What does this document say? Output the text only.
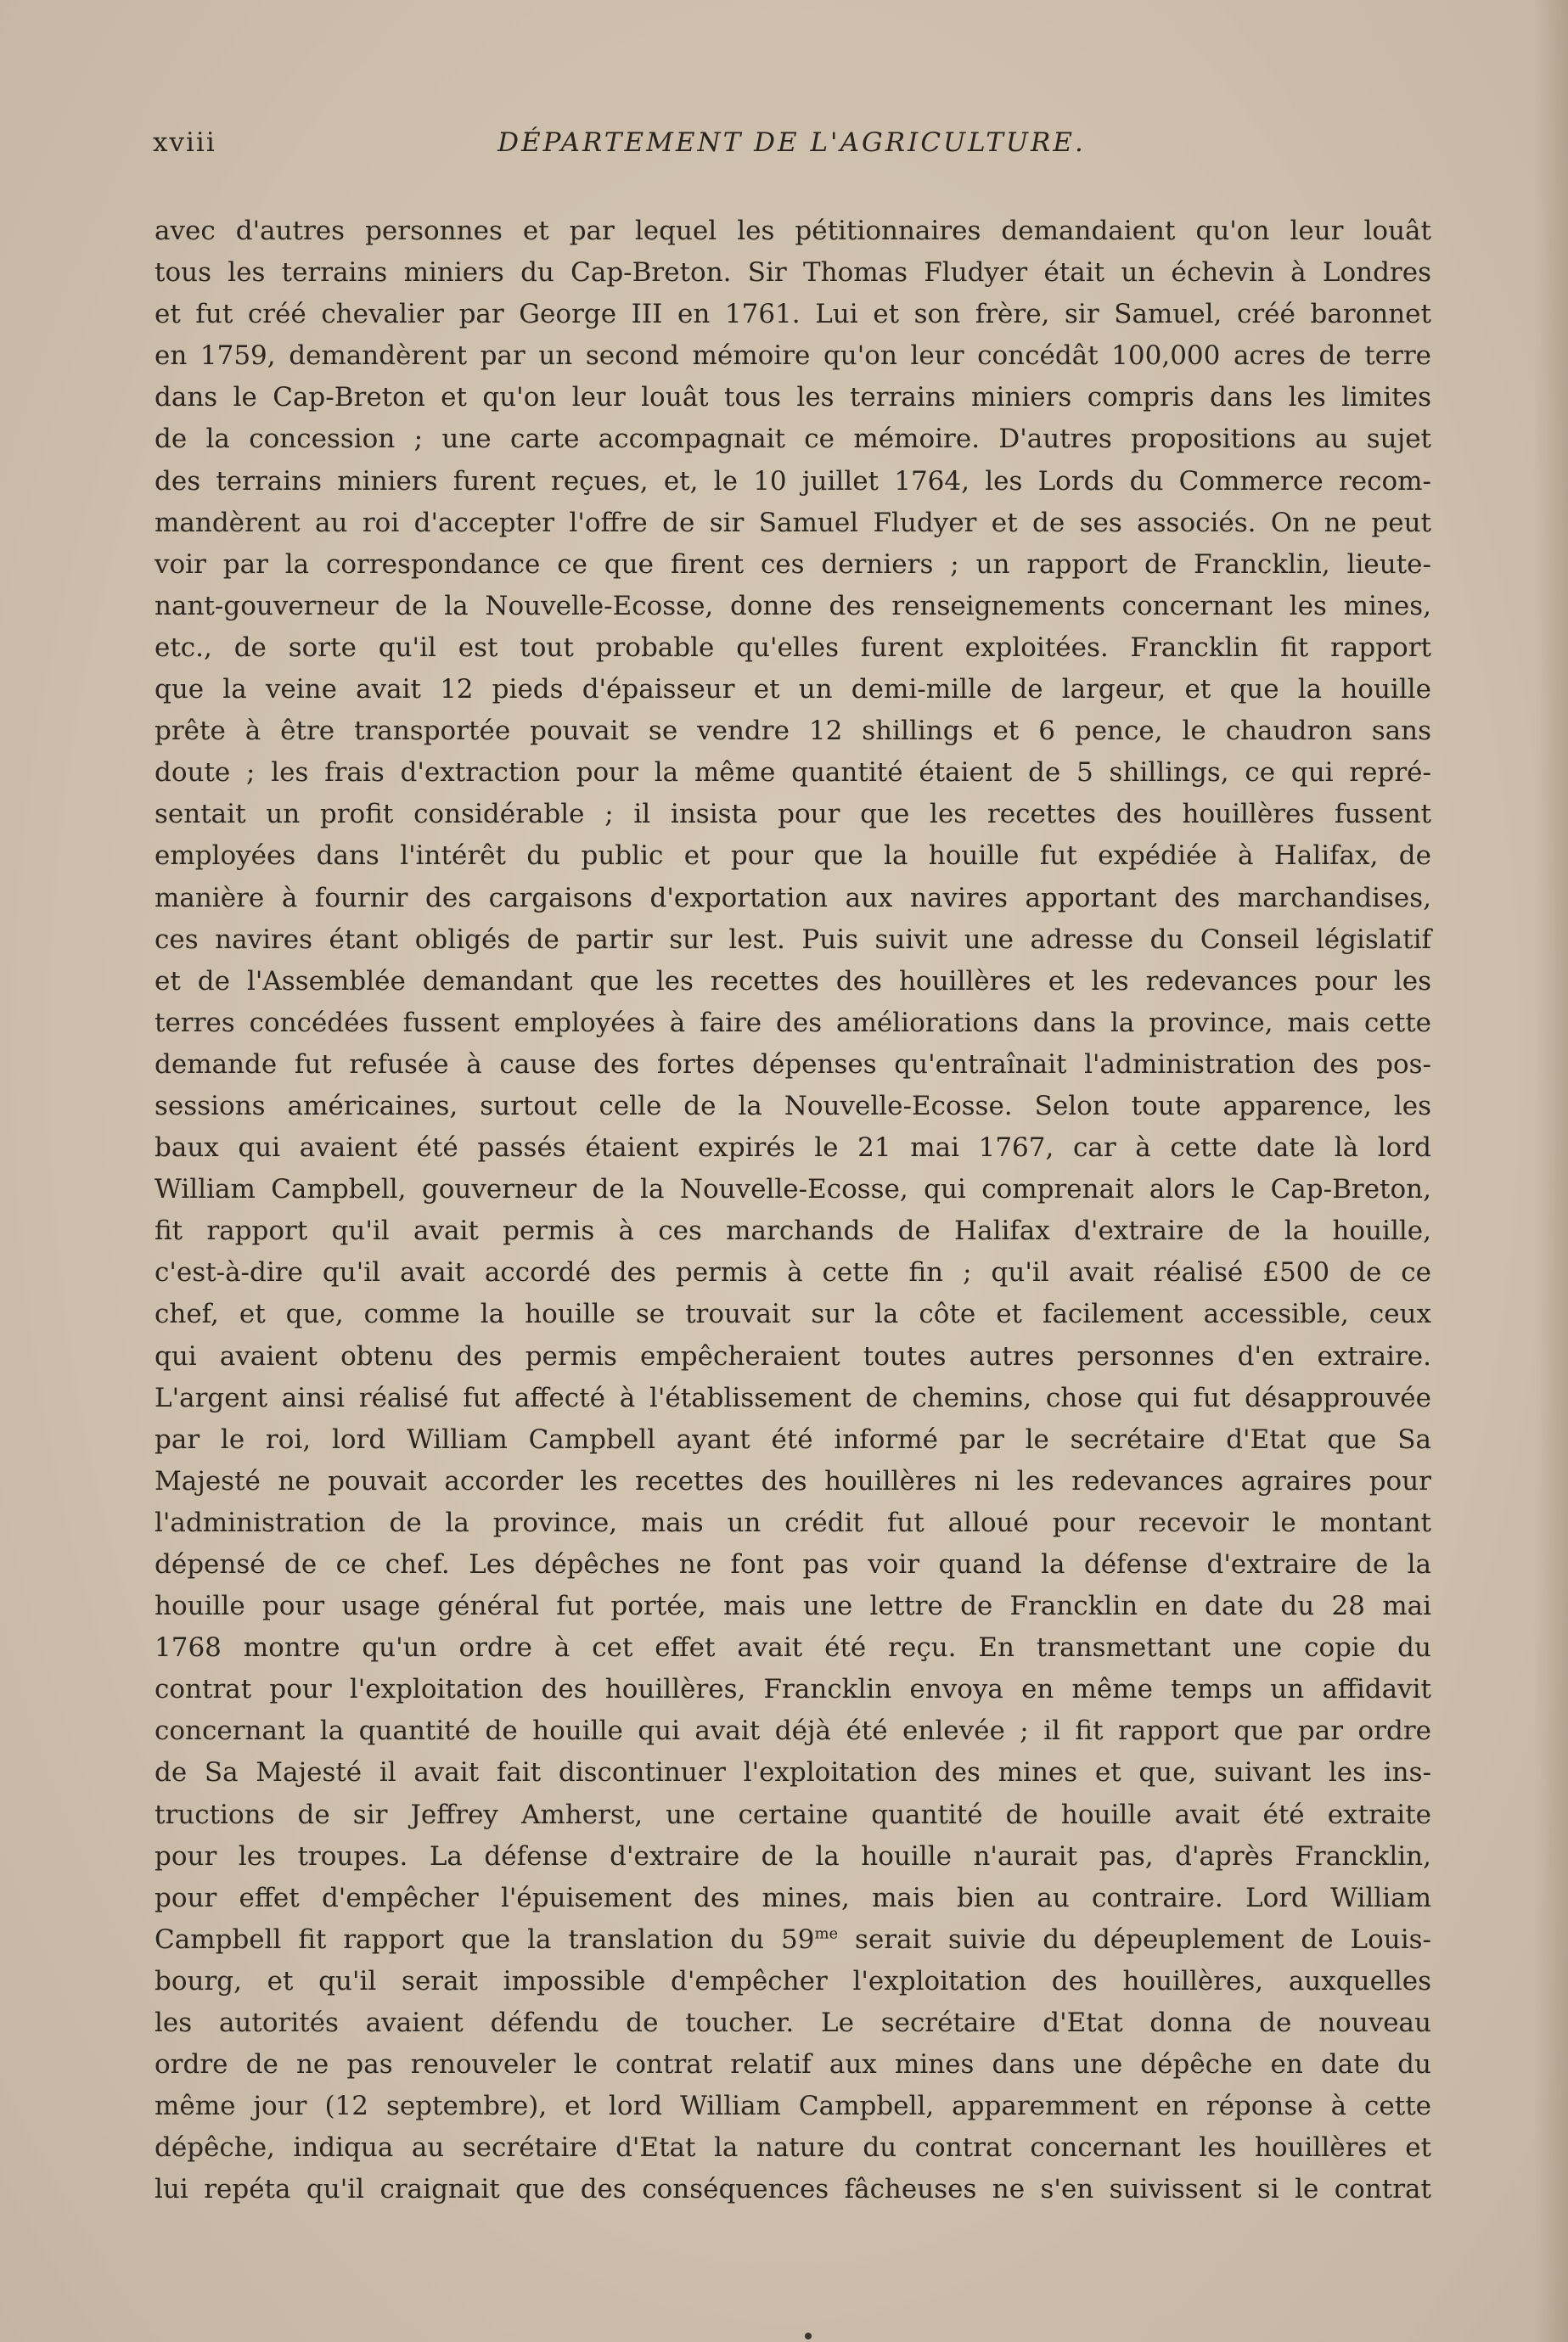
xviii	DÉPARTEMENT DE L'AGRICULTURE.
avec d'autres personnes et par lequel les pétitionnaires demandaient qu'on leur louât
tous les terrains miniers du Cap-Breton. Sir Thomas Fludyer était un échevin à Londres
et fut créé chevalier par George III en 1761. Lui et son frère, sir Samuel, créé baronnet
en 1759, demandèrent par un second mémoire qu'on leur concédât 100,000 acres de terre
dans le Cap-Breton et qu'on leur louât tous les terrains miniers compris dans les limites
de la concession ; une carte accompagnait ce mémoire. D'autres propositions au sujet
des terrains miniers furent reçues, et, le 10 juillet 1764, les Lords du Commerce recom-
mandèrent au roi d'accepter l'offre de sir Samuel Fludyer et de ses associés. On ne peut
voir par la correspondance ce que firent ces derniers ; un rapport de Francklin, lieute-
nant-gouverneur de la Nouvelle-Ecosse, donne des renseignements concernant les mines,
etc., de sorte qu'il est tout probable qu'elles furent exploitées. Francklin fit rapport
que la veine avait 12 pieds d'épaisseur et un demi-mille de largeur, et que la houille
prête à être transportée pouvait se vendre 12 shillings et 6 pence, le chaudron sans
doute ; les frais d'extraction pour la même quantité étaient de 5 shillings, ce qui repré-
sentait un profit considérable ; il insista pour que les recettes des houillères fussent
employées dans l'intérêt du public et pour que la houille fut expédiée à Halifax, de
manière à fournir des cargaisons d'exportation aux navires apportant des marchandises,
ces navires étant obligés de partir sur lest. Puis suivit une adresse du Conseil législatif
et de l'Assemblée demandant que les recettes des houillères et les redevances pour les
terres concédées fussent employées à faire des améliorations dans la province, mais cette
demande fut refusée à cause des fortes dépenses qu'entraînait l'administration des pos-
sessions américaines, surtout celle de la Nouvelle-Ecosse. Selon toute apparence, les
baux qui avaient été passés étaient expirés le 21 mai 1767, car à cette date là lord
William Campbell, gouverneur de la Nouvelle-Ecosse, qui comprenait alors le Cap-Breton,
fit rapport qu'il avait permis à ces marchands de Halifax d'extraire de la houille,
c'est-à-dire qu'il avait accordé des permis à cette fin ; qu'il avait réalisé £500 de ce
chef, et que, comme la houille se trouvait sur la côte et facilement accessible, ceux
qui avaient obtenu des permis empêcheraient toutes autres personnes d'en extraire.
L'argent ainsi réalisé fut affecté à l'établissement de chemins, chose qui fut désapprouvée
par le roi, lord William Campbell ayant été informé par le secrétaire d'Etat que Sa
Majesté ne pouvait accorder les recettes des houillères ni les redevances agraires pour
l'administration de la province, mais un crédit fut alloué pour recevoir le montant
dépensé de ce chef. Les dépêches ne font pas voir quand la défense d'extraire de la
houille pour usage général fut portée, mais une lettre de Francklin en date du 28 mai
1768 montre qu'un ordre à cet effet avait été reçu. En transmettant une copie du
contrat pour l'exploitation des houillères, Francklin envoya en même temps un affidavit
concernant la quantité de houille qui avait déjà été enlevée ; il fit rapport que par ordre
de Sa Majesté il avait fait discontinuer l'exploitation des mines et que, suivant les ins-
tructions de sir Jeffrey Amherst, une certaine quantité de houille avait été extraite
pour les troupes. La défense d'extraire de la houille n'aurait pas, d'après Francklin,
pour effet d'empêcher l'épuisement des mines, mais bien au contraire. Lord William
Campbell fit rapport que la translation du $59^{me}$ serait suivie du dépeuplement de Louis-
bourg, et qu'il serait impossible d'empêcher l'exploitation des houillères, auxquelles
les autorités avaient défendu de toucher. Le secrétaire d'Etat donna de nouveau
ordre de ne pas renouveler le contrat relatif aux mines dans une dépêche en date du
même jour (12 septembre), et lord William Campbell, apparemment en réponse à cette
dépêche, indiqua au secrétaire d'Etat la nature du contrat concernant les houillères et
lui repéta qu'il craignait que des conséquences fâcheuses ne s'en suivissent si le contrat
